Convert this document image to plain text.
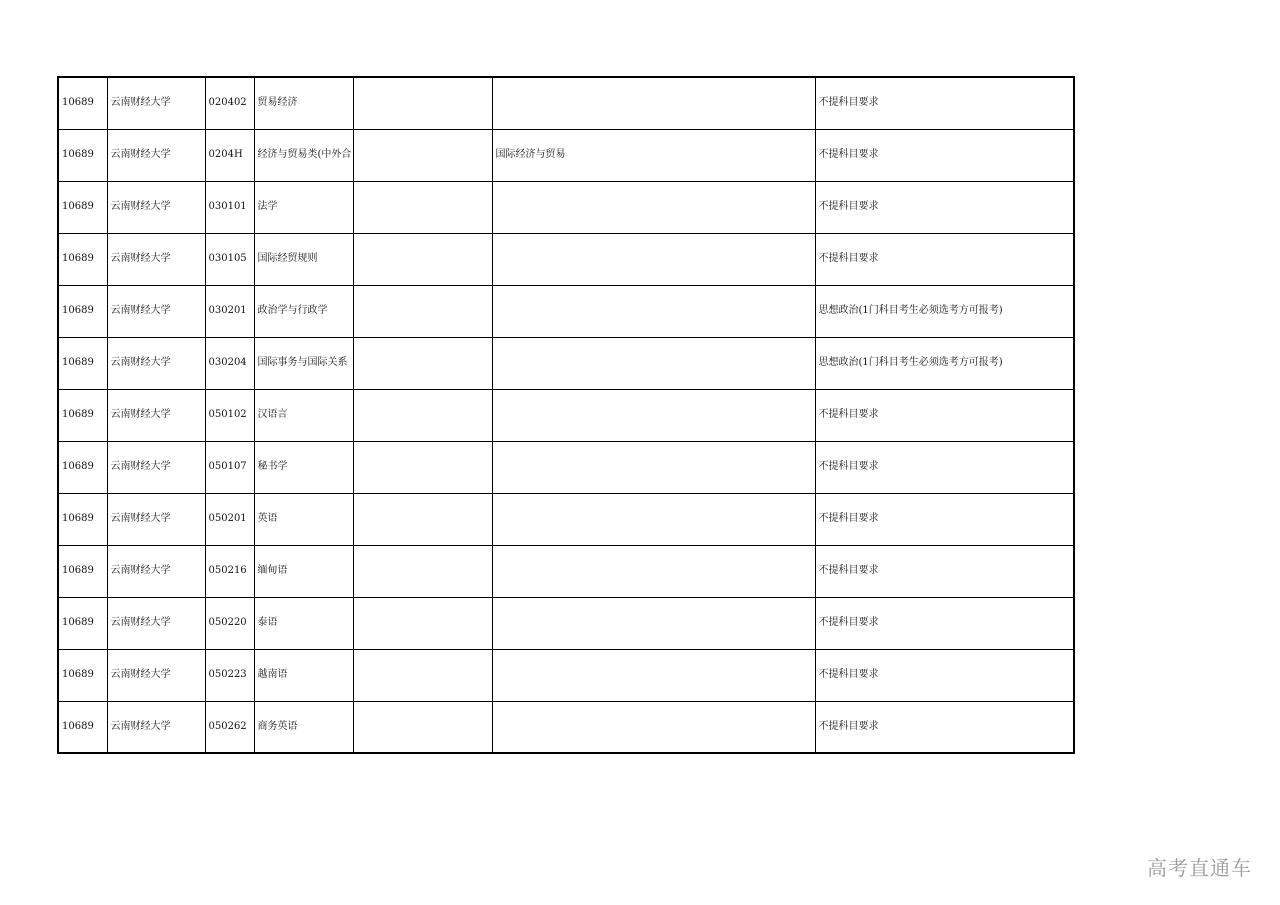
10689	云南财经大学	020402	贸易经济			不提科目要求
10689	云南财经大学	0204H	经济与贸易类(中外合		国际经济与贸易	不提科目要求
10689	云南财经大学	030101	法学			不提科目要求
10689	云南财经大学	030105	国际经贸规则			不提科目要求
10689	云南财经大学	030201	政治学与行政学			思想政治(1门科目考生必须选考方可报考)
10689	云南财经大学	030204	国际事务与国际关系			思想政治(1门科目考生必须选考方可报考)
10689	云南财经大学	050102	汉语言			不提科目要求
10689	云南财经大学	050107	秘书学			不提科目要求
10689	云南财经大学	050201	英语			不提科目要求
10689	云南财经大学	050216	缅甸语			不提科目要求
10689	云南财经大学	050220	泰语			不提科目要求
10689	云南财经大学	050223	越南语			不提科目要求
10689	云南财经大学	050262	商务英语			不提科目要求
高考直通车
